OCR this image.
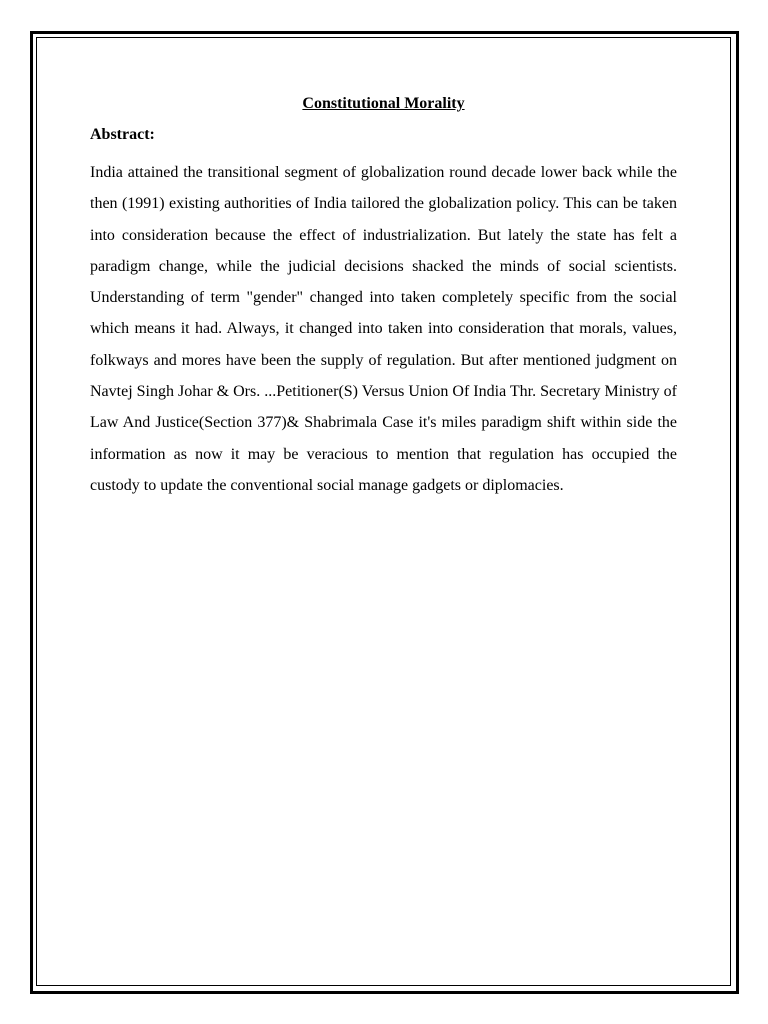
Constitutional Morality
Abstract:

India attained the transitional segment of globalization round decade lower back while the then (1991) existing authorities of India tailored the globalization policy. This can be taken into consideration because the effect of industrialization. But lately the state has felt a paradigm change, while the judicial decisions shacked the minds of social scientists. Understanding of term "gender" changed into taken completely specific from the social which means it had. Always, it changed into taken into consideration that morals, values, folkways and mores have been the supply of regulation. But after mentioned judgment on Navtej Singh Johar & Ors. ...Petitioner(S) Versus Union Of India Thr. Secretary Ministry of Law And Justice(Section 377)& Shabrimala Case it's miles paradigm shift within side the information as now it may be veracious to mention that regulation has occupied the custody to update the conventional social manage gadgets or diplomacies.
